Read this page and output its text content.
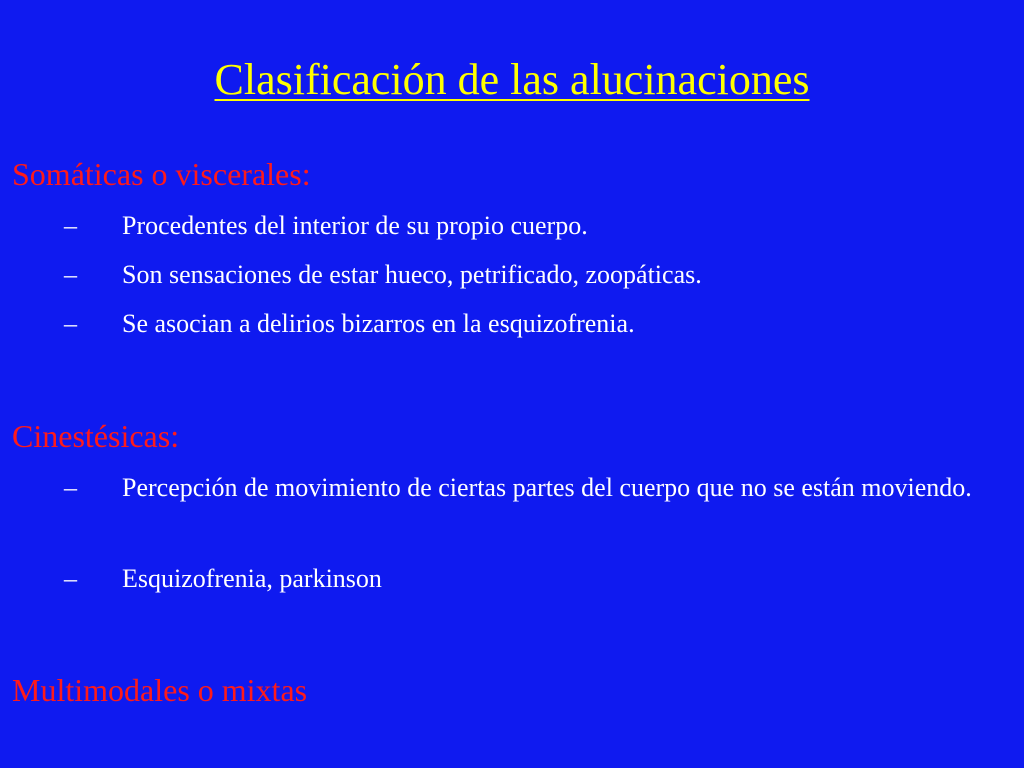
Clasificación de las alucinaciones
Somáticas o viscerales:
– Procedentes del interior de su propio cuerpo.
– Son sensaciones de estar hueco, petrificado, zoopáticas.
– Se asocian a delirios bizarros en la esquizofrenia.
Cinestésicas:
– Percepción de movimiento de ciertas partes del cuerpo que no se están moviendo.
– Esquizofrenia, parkinson
Multimodales o mixtas
